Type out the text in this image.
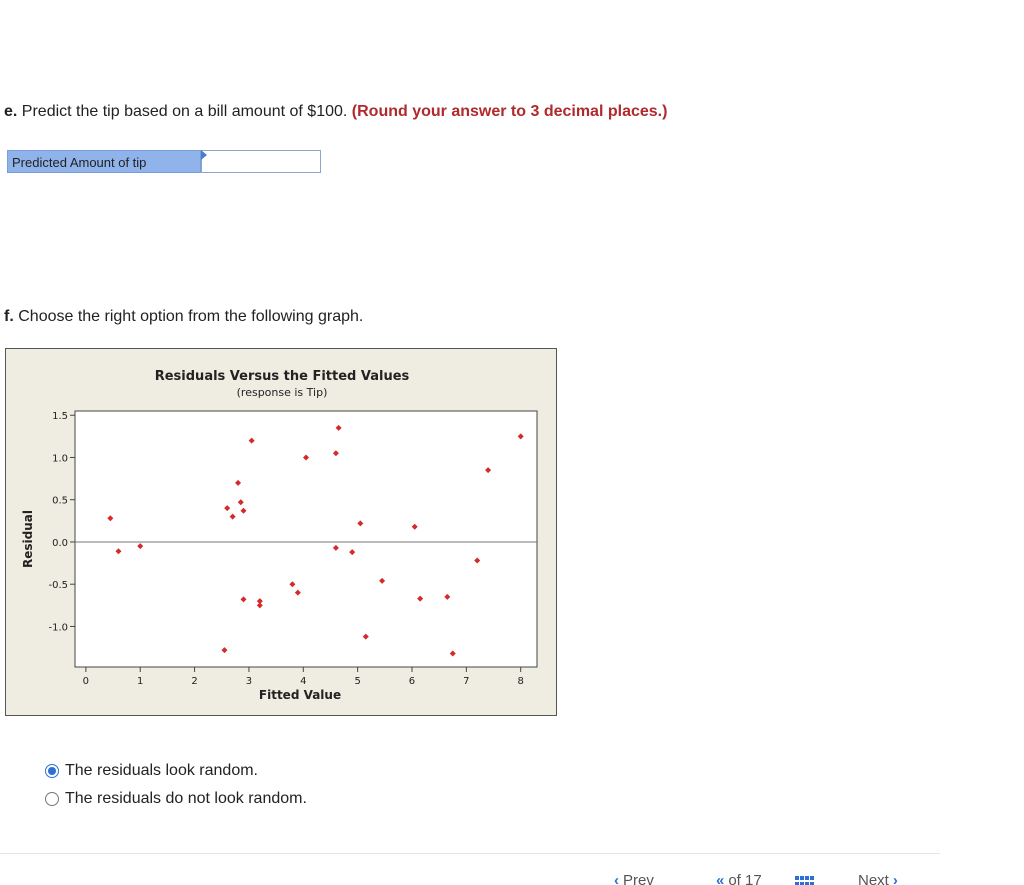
e. Predict the tip based on a bill amount of $100. (Round your answer to 3 decimal places.)
Predicted Amount of tip
f. Choose the right option from the following graph.
Residuals Versus the Fitted Values
(response is Tip)
1.5
1.0
0.5
0.0
-0.5
-1.0
0	1	2	3	4	5	6	7	8
Fitted Value
Residual
The residuals look random.
The residuals do not look random.
‹ Prev	« of 17	Next ›
